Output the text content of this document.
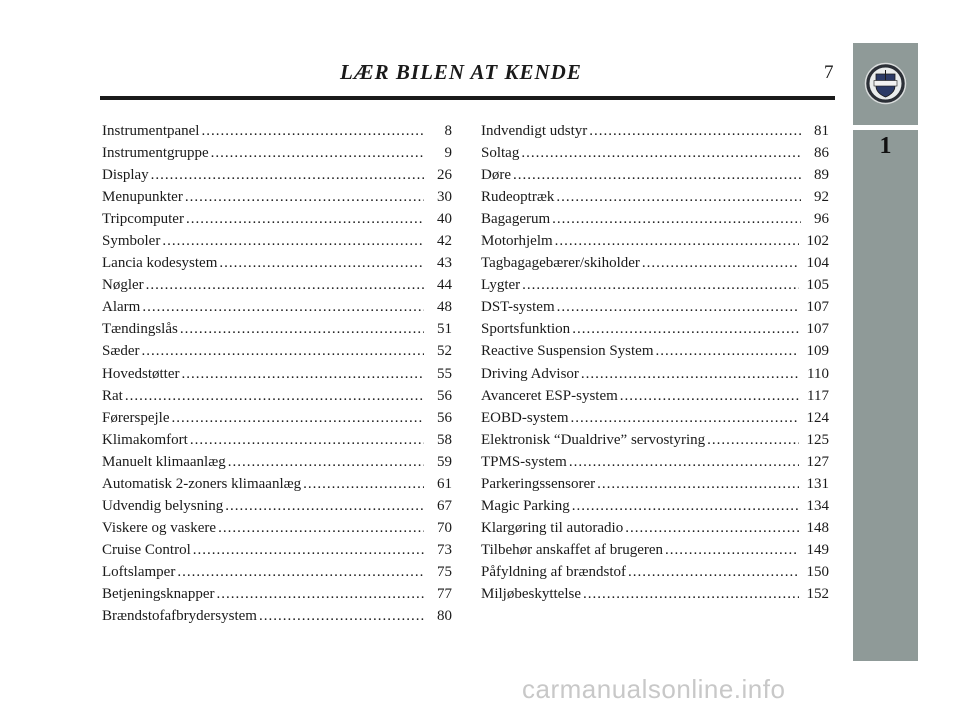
LÆR BILEN AT KENDE	7
1
Instrumentpanel .....	8
Instrumentgruppe .....	9
Display .....	26
Menupunkter .....	30
Tripcomputer .....	40
Symboler .....	42
Lancia kodesystem .....	43
Nøgler .....	44
Alarm .....	48
Tændingslås .....	51
Sæder .....	52
Hovedstøtter .....	55
Rat .....	56
Førerspejle .....	56
Klimakomfort .....	58
Manuelt klimaanlæg .....	59
Automatisk 2-zoners klimaanlæg .....	61
Udvendig belysning .....	67
Viskere og vaskere .....	70
Cruise Control .....	73
Loftslamper .....	75
Betjeningsknapper .....	77
Brændstofafbrydersystem .....	80
Indvendigt udstyr .....	81
Soltag .....	86
Døre .....	89
Rudeoptræk .....	92
Bagagerum .....	96
Motorhjelm .....	102
Tagbagagebærer/skiholder .....	104
Lygter .....	105
DST-system .....	107
Sportsfunktion .....	107
Reactive Suspension System .....	109
Driving Advisor .....	110
Avanceret ESP-system .....	117
EOBD-system .....	124
Elektronisk “Dualdrive” servostyring .....	125
TPMS-system .....	127
Parkeringssensorer .....	131
Magic Parking .....	134
Klargøring til autoradio .....	148
Tilbehør anskaffet af brugeren .....	149
Påfyldning af brændstof .....	150
Miljøbeskyttelse .....	152
carmanualsonline.info
